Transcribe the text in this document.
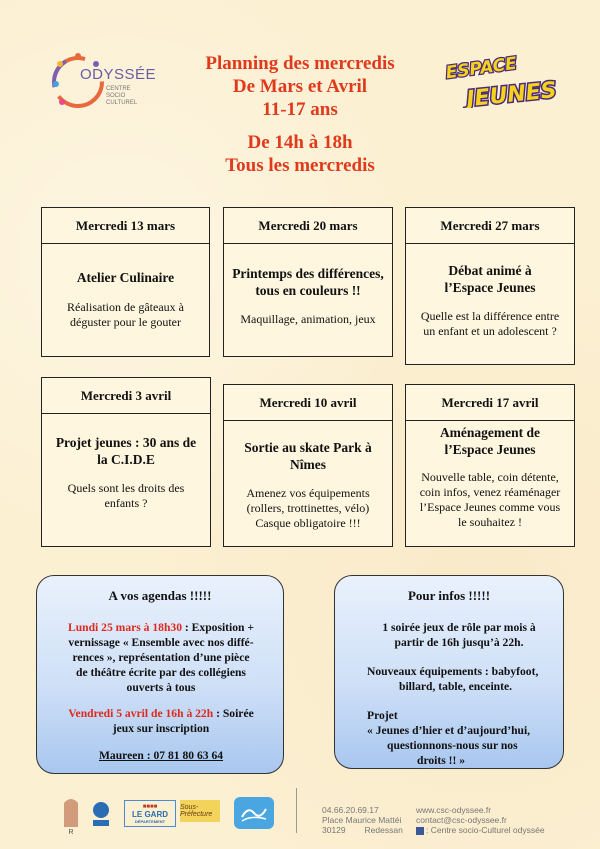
ODYSSÉE
CENTRE
SOCIO
CULTUREL
ESPACE
JEUNES
Planning des mercredis
De Mars et Avril
11-17 ans
De 14h à 18h
Tous les mercredis
Mercredi 13 mars
Atelier Culinaire
Réalisation de gâteaux à
déguster pour le gouter
Mercredi 20 mars
Printemps des différences,
tous en couleurs !!
Maquillage, animation, jeux
Mercredi 27 mars
Débat animé à
l’Espace Jeunes
Quelle est la différence entre
un enfant et un adolescent ?
Mercredi 3 avril
Projet jeunes : 30 ans de
la C.I.D.E
Quels sont les droits des
enfants ?
Mercredi 10 avril
Sortie au skate Park à
Nîmes
Amenez vos équipements
(rollers, trottinettes, vélo)
Casque obligatoire !!!
Mercredi 17 avril
Aménagement de
l’Espace Jeunes
Nouvelle table, coin détente,
coin infos, venez réaménager
l’Espace Jeunes comme vous
le souhaitez !
A vos agendas !!!!!

Lundi 25 mars à 18h30 : Exposition +
vernissage « Ensemble avec nos diffé-
rences », représentation d’une pièce
de théâtre écrite par des collégiens
ouverts à tous

Vendredi 5 avril de 16h à 22h : Soirée
jeux sur inscription

Maureen : 07 81 80 63 64

Pour infos !!!!!

1 soirée jeux de rôle par mois à
partir de 16h jusqu’à 22h.

Nouveaux équipements : babyfoot,
billard, table, enceinte.

Projet

« Jeunes d’hier et d’aujourd’hui,
questionnons-nous sur nos
droits !! »

R
■■■■
LE GARD
DÉPARTEMENT
Sous-Préfecture	04.66.20.69.17
Place Maurice Mattéi
30129 Redessan
www.csc-odyssee.fr
contact@csc-odyssee.fr
: Centre socio-Culturel odyssée
